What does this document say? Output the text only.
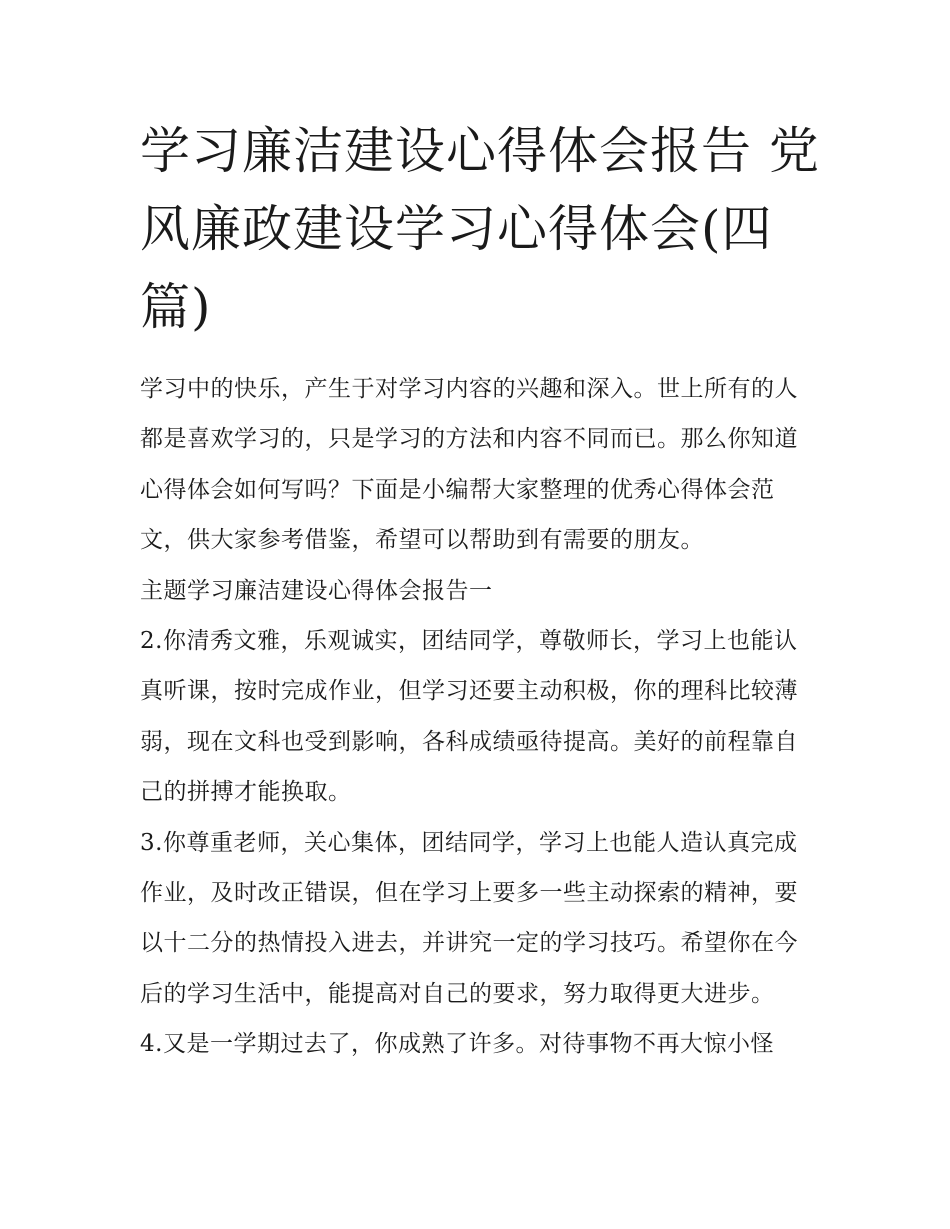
学习廉洁建设心得体会报告 党风廉政建设学习心得体会(四篇)

学习中的快乐，产生于对学习内容的兴趣和深入。世上所有的人都是喜欢学习的，只是学习的方法和内容不同而已。那么你知道心得体会如何写吗？下面是小编帮大家整理的优秀心得体会范文，供大家参考借鉴，希望可以帮助到有需要的朋友。

主题学习廉洁建设心得体会报告一

2.你清秀文雅，乐观诚实，团结同学，尊敬师长，学习上也能认真听课，按时完成作业，但学习还要主动积极，你的理科比较薄弱，现在文科也受到影响，各科成绩亟待提高。美好的前程靠自己的拼搏才能换取。

3.你尊重老师，关心集体，团结同学，学习上也能人造认真完成作业，及时改正错误，但在学习上要多一些主动探索的精神，要以十二分的热情投入进去，并讲究一定的学习技巧。希望你在今后的学习生活中，能提高对自己的要求，努力取得更大进步。

4.又是一学期过去了，你成熟了许多。对待事物不再大惊小怪
